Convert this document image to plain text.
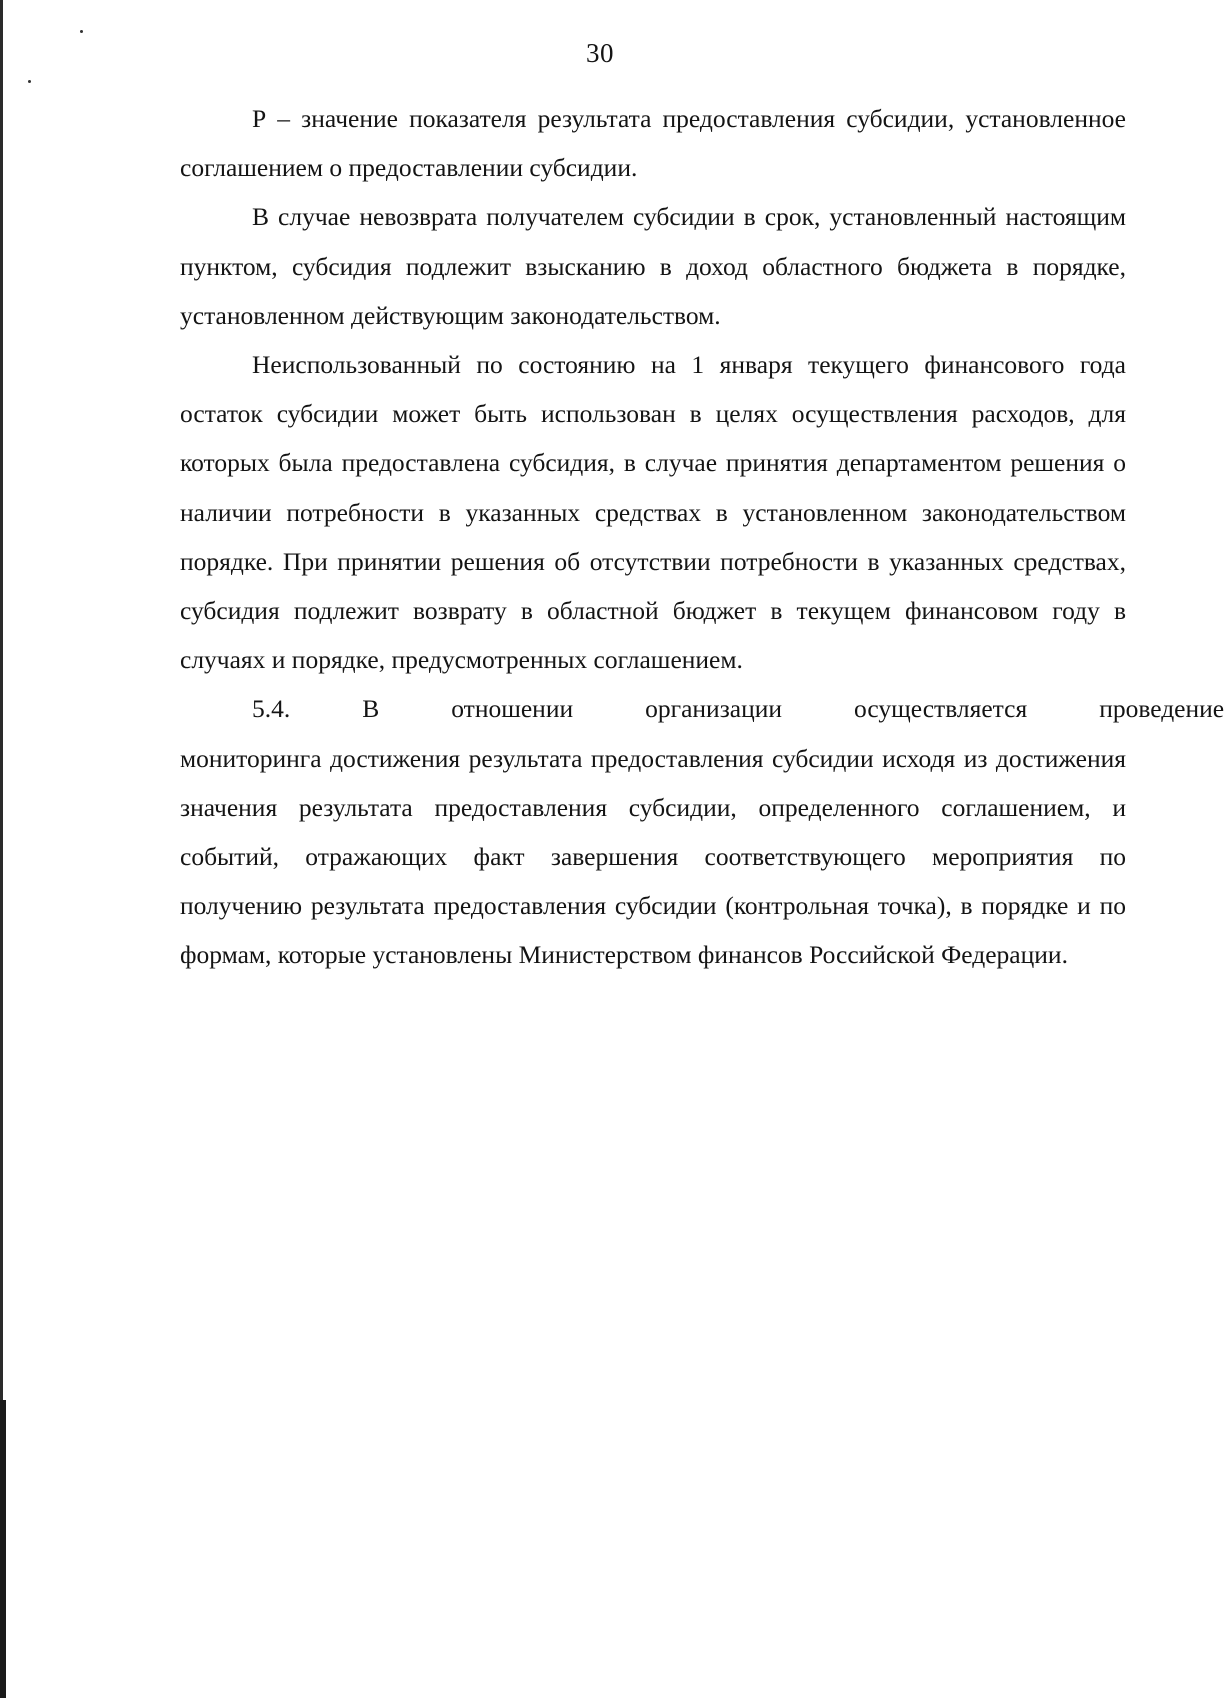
30

Р – значение показателя результата предоставления субсидии, установленное соглашением о предоставлении субсидии.

В случае невозврата получателем субсидии в срок, установленный настоящим пунктом, субсидия подлежит взысканию в доход областного бюджета в порядке, установленном действующим законодательством.

Неиспользованный по состоянию на 1 января текущего финансового года остаток субсидии может быть использован в целях осуществления расходов, для которых была предоставлена субсидия, в случае принятия департаментом решения о наличии потребности в указанных средствах в установленном законодательством порядке. При принятии решения об отсутствии потребности в указанных средствах, субсидия подлежит возврату в областной бюджет в текущем финансовом году в случаях и порядке, предусмотренных соглашением.

5.4.	В	отношении	организации	осуществляется	проведение

мониторинга достижения результата предоставления субсидии исходя из достижения значения результата предоставления субсидии, определенного соглашением, и событий, отражающих факт завершения соответствующего мероприятия по получению результата предоставления субсидии (контрольная точка), в порядке и по формам, которые установлены Министерством финансов Российской Федерации.
